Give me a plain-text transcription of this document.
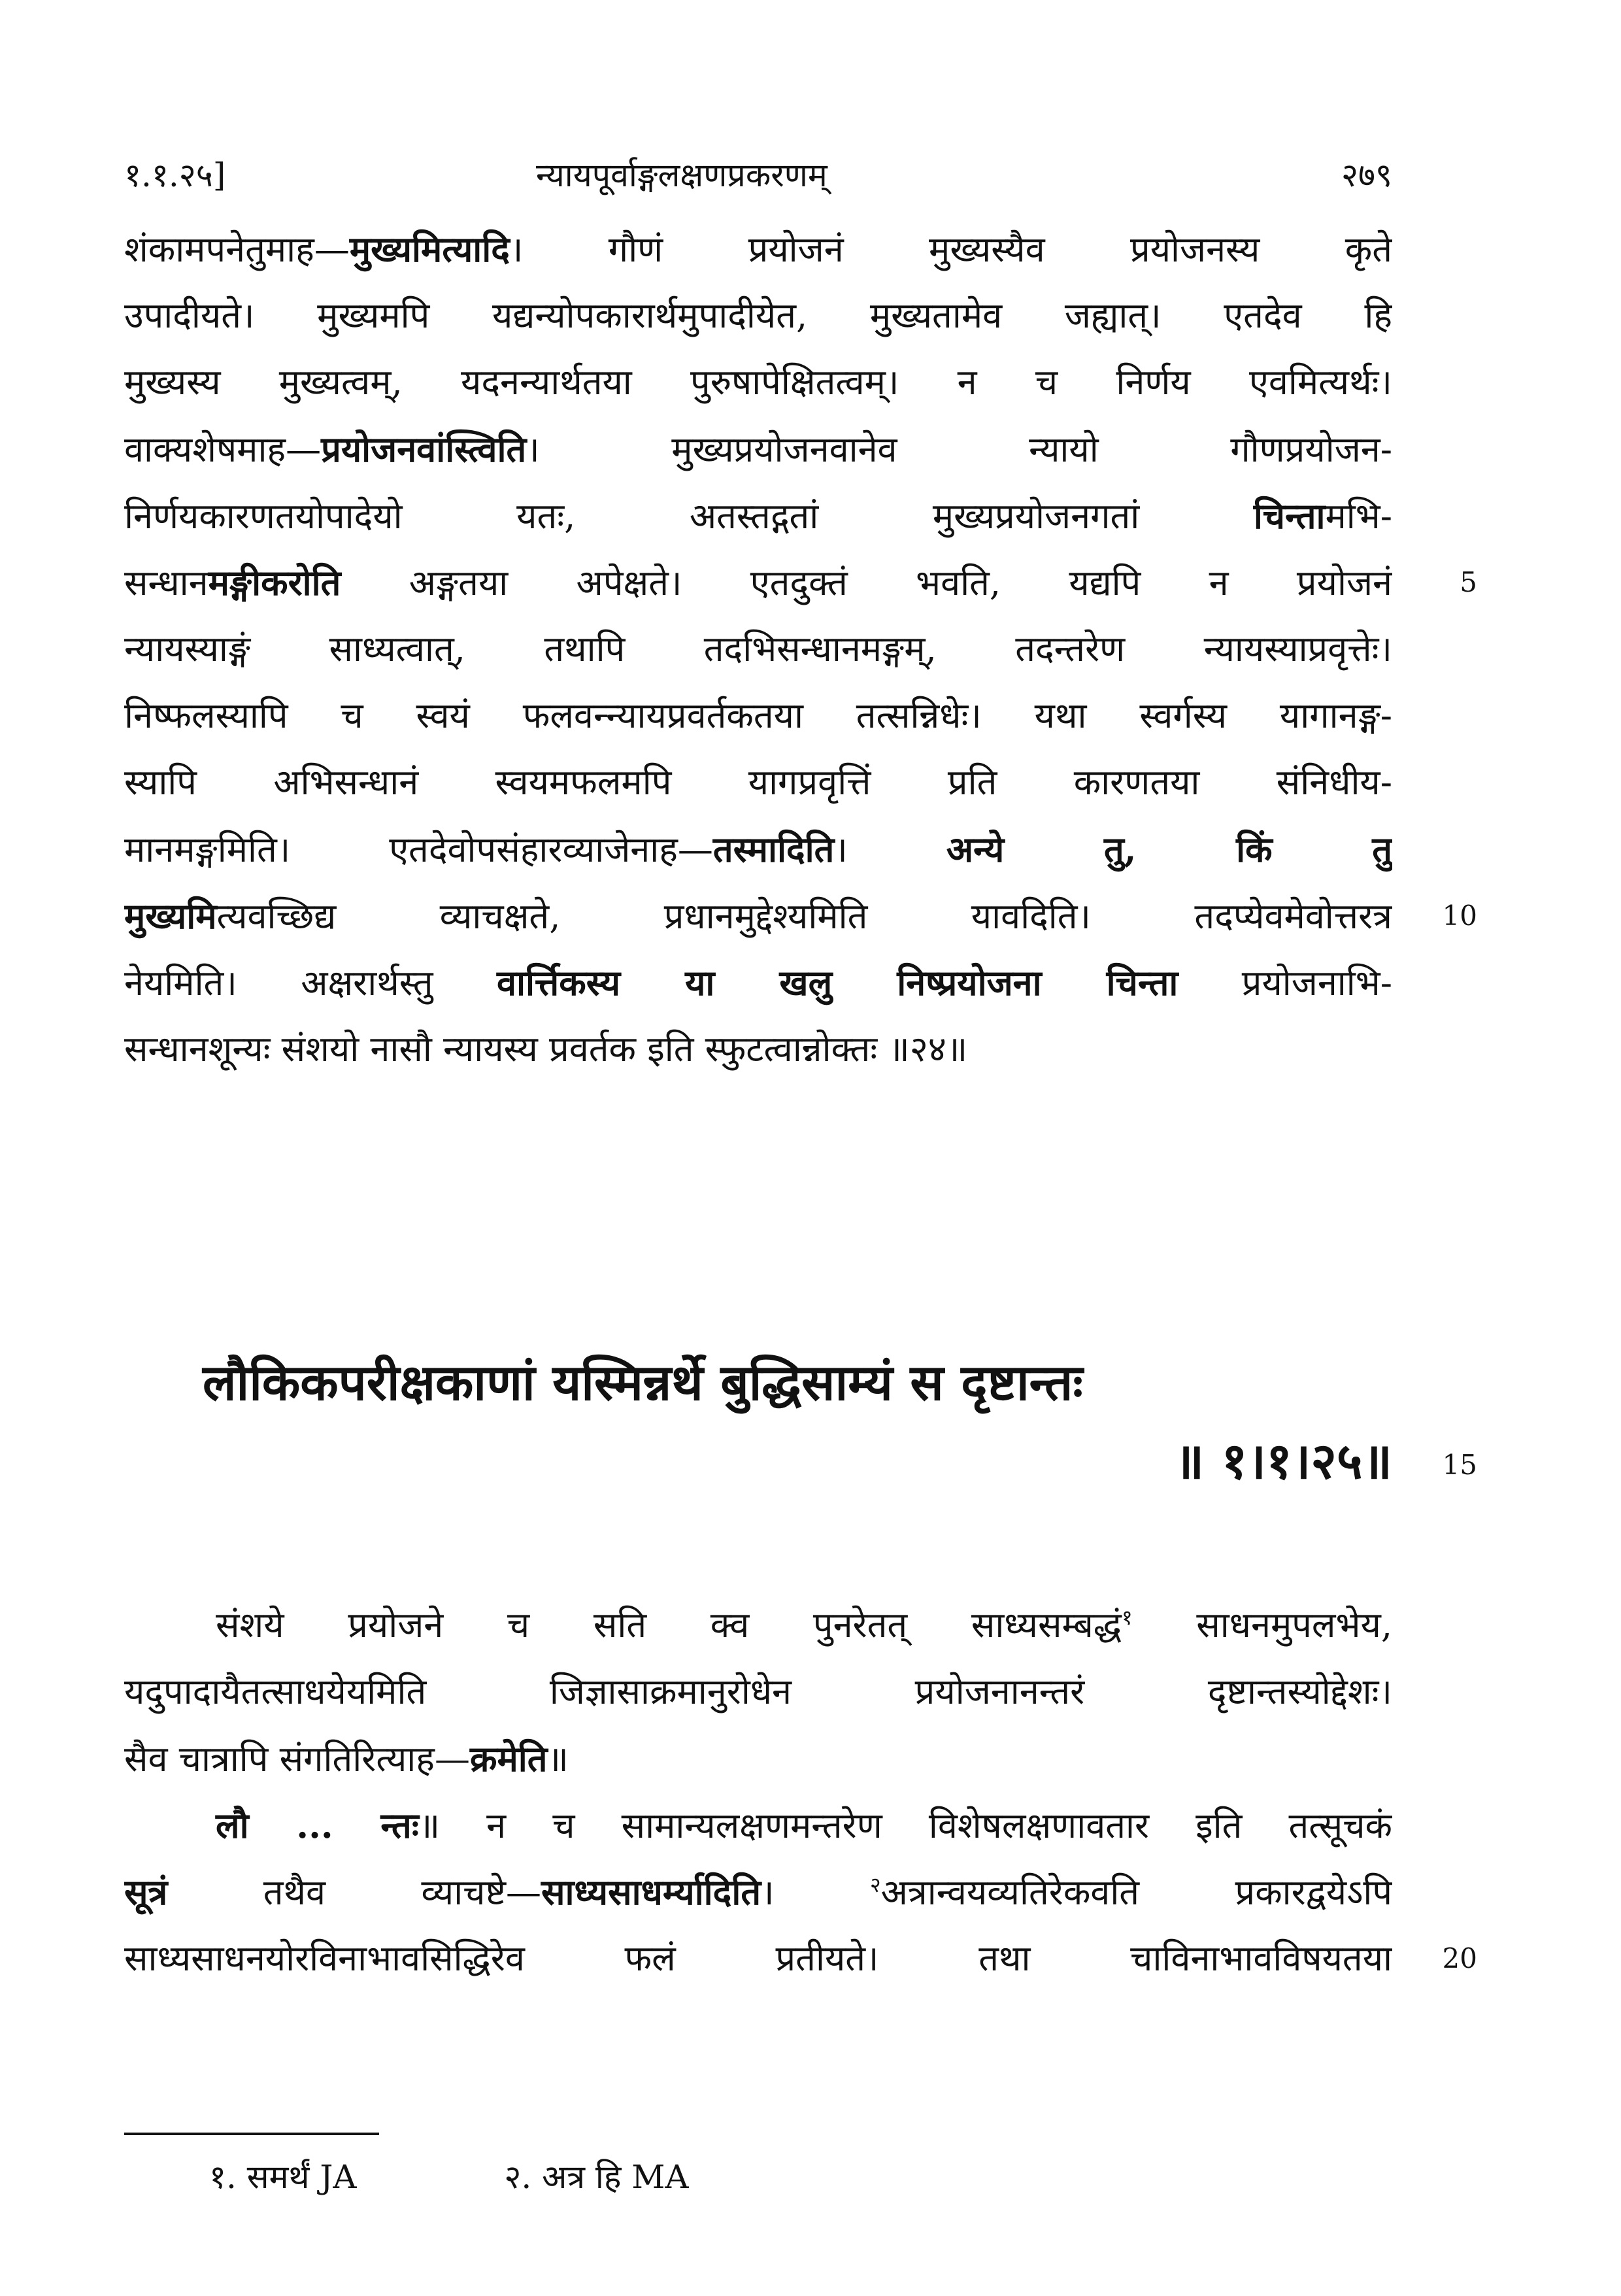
१.१.२५]	न्यायपूर्वाङ्गलक्षणप्रकरणम्	२७९
शंकामपनेतुमाह—मुख्यमित्यादि। गौणं प्रयोजनं मुख्यस्यैव प्रयोजनस्य कृते
उपादीयते। मुख्यमपि यद्यन्योपकारार्थमुपादीयेत, मुख्यतामेव जह्यात्। एतदेव हि
मुख्यस्य मुख्यत्वम्, यदनन्यार्थतया पुरुषापेक्षितत्वम्। न च निर्णय एवमित्यर्थः।
वाक्यशेषमाह—प्रयोजनवांस्त्विति। मुख्यप्रयोजनवानेव न्यायो गौणप्रयोजन-
निर्णयकारणतयोपादेयो यतः, अतस्तद्गतां मुख्यप्रयोजनगतां चिन्तामभि-
सन्धानमङ्गीकरोति अङ्गतया अपेक्षते। एतदुक्तं भवति, यद्यपि न प्रयोजनं
न्यायस्याङ्गं साध्यत्वात्, तथापि तदभिसन्धानमङ्गम्, तदन्तरेण न्यायस्याप्रवृत्तेः।
निष्फलस्यापि च स्वयं फलवन्न्यायप्रवर्तकतया तत्सन्निधेः। यथा स्वर्गस्य यागानङ्ग-
स्यापि अभिसन्धानं स्वयमफलमपि यागप्रवृत्तिं प्रति कारणतया संनिधीय-
मानमङ्गमिति। एतदेवोपसंहारव्याजेनाह—तस्मादिति। अन्ये तु, किं तु
मुख्यमित्यवच्छिद्य व्याचक्षते, प्रधानमुद्देश्यमिति यावदिति। तदप्येवमेवोत्तरत्र
नेयमिति। अक्षरार्थस्तु वार्त्तिकस्य या खलु निष्प्रयोजना चिन्ता प्रयोजनाभि-
सन्धानशून्यः संशयो नासौ न्यायस्य प्रवर्तक इति स्फुटत्वान्नोक्तः ॥२४॥
लौकिकपरीक्षकाणां यस्मिन्नर्थे बुद्धिसाम्यं स दृष्टान्तः
॥ १।१।२५॥
संशये प्रयोजने च सति क्व पुनरेतत् साध्यसम्बद्धं$^१$ साधनमुपलभेय,
यदुपादायैतत्साधयेयमिति जिज्ञासाक्रमानुरोधेन प्रयोजनानन्तरं दृष्टान्तस्योद्देशः।
सैव चात्रापि संगतिरित्याह—क्रमेति॥
लौ ... न्तः॥ न च सामान्यलक्षणमन्तरेण विशेषलक्षणावतार इति तत्सूचकं
सूत्रं तथैव व्याचष्टे—साध्यसाधर्म्यादिति। $^२$अत्रान्वयव्यतिरेकवति प्रकारद्वयेऽपि
साध्यसाधनयोरविनाभावसिद्धिरेव फलं प्रतीयते। तथा चाविनाभावविषयतया
5
10
15
20
१. समर्थं JA	२. अत्र हि MA
